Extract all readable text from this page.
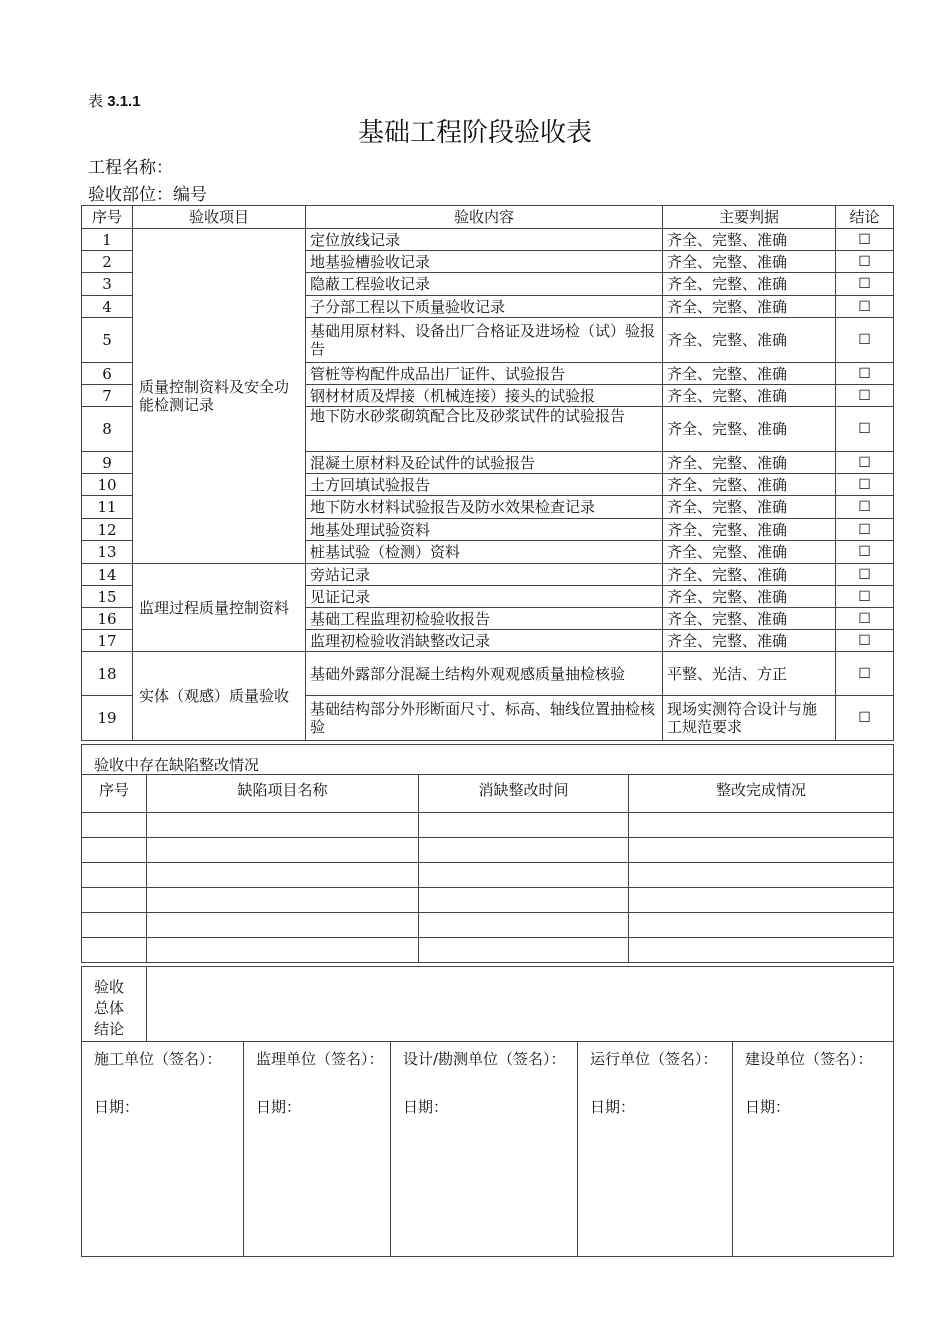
表 3.1.1
基础工程阶段验收表
工程名称：
验收部位：编号
序号	验收项目	验收内容	主要判据	结论
1	质量控制资料及安全功能检测记录	定位放线记录	齐全、完整、准确	☐
2		地基验槽验收记录	齐全、完整、准确	☐
3		隐蔽工程验收记录	齐全、完整、准确	☐
4		子分部工程以下质量验收记录	齐全、完整、准确	☐
5		基础用原材料、设备出厂合格证及进场检（试）验报告	齐全、完整、准确	☐
6		管桩等构配件成品出厂证件、试验报告	齐全、完整、准确	☐
7		钢材材质及焊接（机械连接）接头的试验报	齐全、完整、准确	☐
8		地下防水砂浆砌筑配合比及砂浆试件的试验报告	齐全、完整、准确	☐
9		混凝土原材料及砼试件的试验报告	齐全、完整、准确	☐
10		土方回填试验报告	齐全、完整、准确	☐
11		地下防水材料试验报告及防水效果检查记录	齐全、完整、准确	☐
12		地基处理试验资料	齐全、完整、准确	☐
13		桩基试验（检测）资料	齐全、完整、准确	☐
14	监理过程质量控制资料	旁站记录	齐全、完整、准确	☐
15		见证记录	齐全、完整、准确	☐
16		基础工程监理初检验收报告	齐全、完整、准确	☐
17		监理初检验收消缺整改记录	齐全、完整、准确	☐
18	实体（观感）质量验收	基础外露部分混凝土结构外观观感质量抽检核验	平整、光洁、方正	☐
19		基础结构部分外形断面尺寸、标高、轴线位置抽检核验	现场实测符合设计与施工规范要求	☐
验收中存在缺陷整改情况			
序号	缺陷项目名称	消缺整改时间	整改完成情况

验收总体结论	
施工单位（签名）：
日期：

监理单位（签名）：
日期：

设计/勘测单位（签名）：
日期：

运行单位（签名）：
日期：

建设单位（签名）：
日期：
